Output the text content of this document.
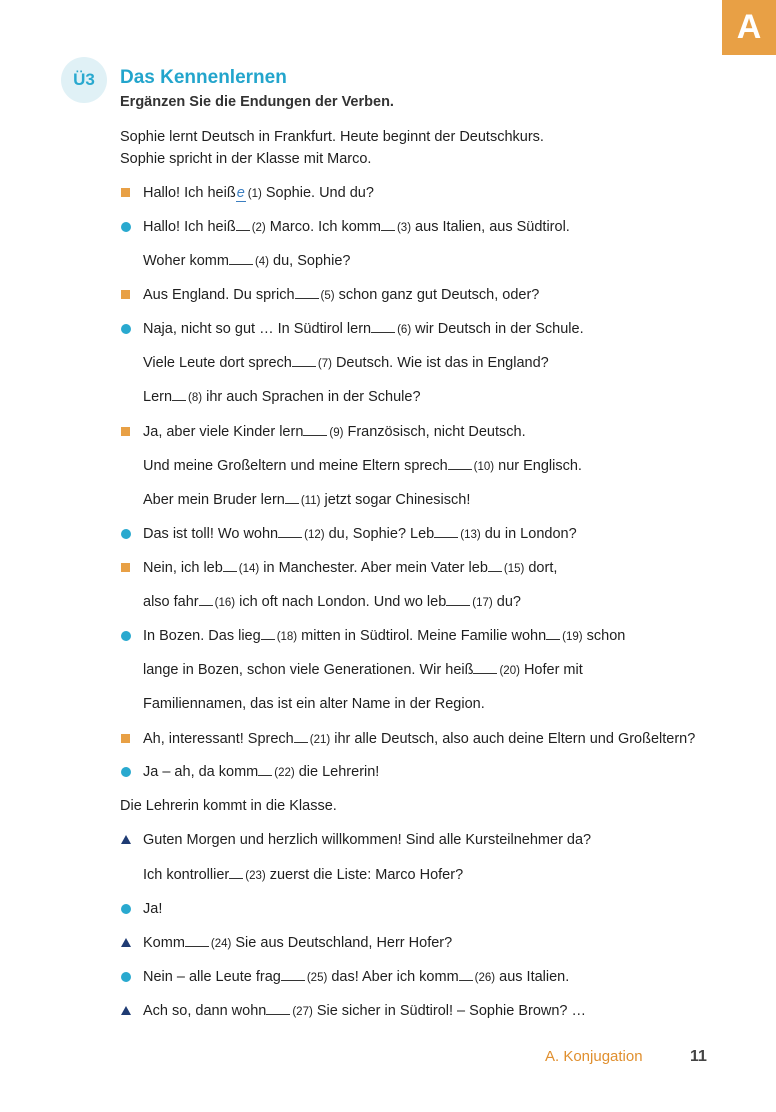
A
Ü3	Das Kennenlernen
Ergänzen Sie die Endungen der Verben.
Sophie lernt Deutsch in Frankfurt. Heute beginnt der Deutschkurs.
Sophie spricht in der Klasse mit Marco.
Die Lehrerin kommt in die Klasse.
Hallo! Ich heiße (1) Sophie. Und du?
Hallo! Ich heiß (2) Marco. Ich komm (3) aus Italien, aus Südtirol.
Woher komm (4) du, Sophie?
Aus England. Du sprich (5) schon ganz gut Deutsch, oder?
Naja, nicht so gut … In Südtirol lern (6) wir Deutsch in der Schule.
Viele Leute dort sprech (7) Deutsch. Wie ist das in England?
Lern (8) ihr auch Sprachen in der Schule?
Ja, aber viele Kinder lern (9) Französisch, nicht Deutsch.
Und meine Großeltern und meine Eltern sprech (10) nur Englisch.
Aber mein Bruder lern (11) jetzt sogar Chinesisch!
Das ist toll! Wo wohn (12) du, Sophie? Leb (13) du in London?
Nein, ich leb (14) in Manchester. Aber mein Vater leb (15) dort,
also fahr (16) ich oft nach London. Und wo leb (17) du?
In Bozen. Das lieg (18) mitten in Südtirol. Meine Familie wohn (19) schon
lange in Bozen, schon viele Generationen. Wir heiß (20) Hofer mit
Familiennamen, das ist ein alter Name in der Region.
Ah, interessant! Sprech (21) ihr alle Deutsch, also auch deine Eltern und Großeltern?
Ja – ah, da komm (22) die Lehrerin!
Guten Morgen und herzlich willkommen! Sind alle Kursteilnehmer da?
Ich kontrollier (23) zuerst die Liste: Marco Hofer?
Ja!
Komm (24) Sie aus Deutschland, Herr Hofer?
Nein – alle Leute frag (25) das! Aber ich komm (26) aus Italien.
Ach so, dann wohn (27) Sie sicher in Südtirol! – Sophie Brown? …
A. Konjugation	11
